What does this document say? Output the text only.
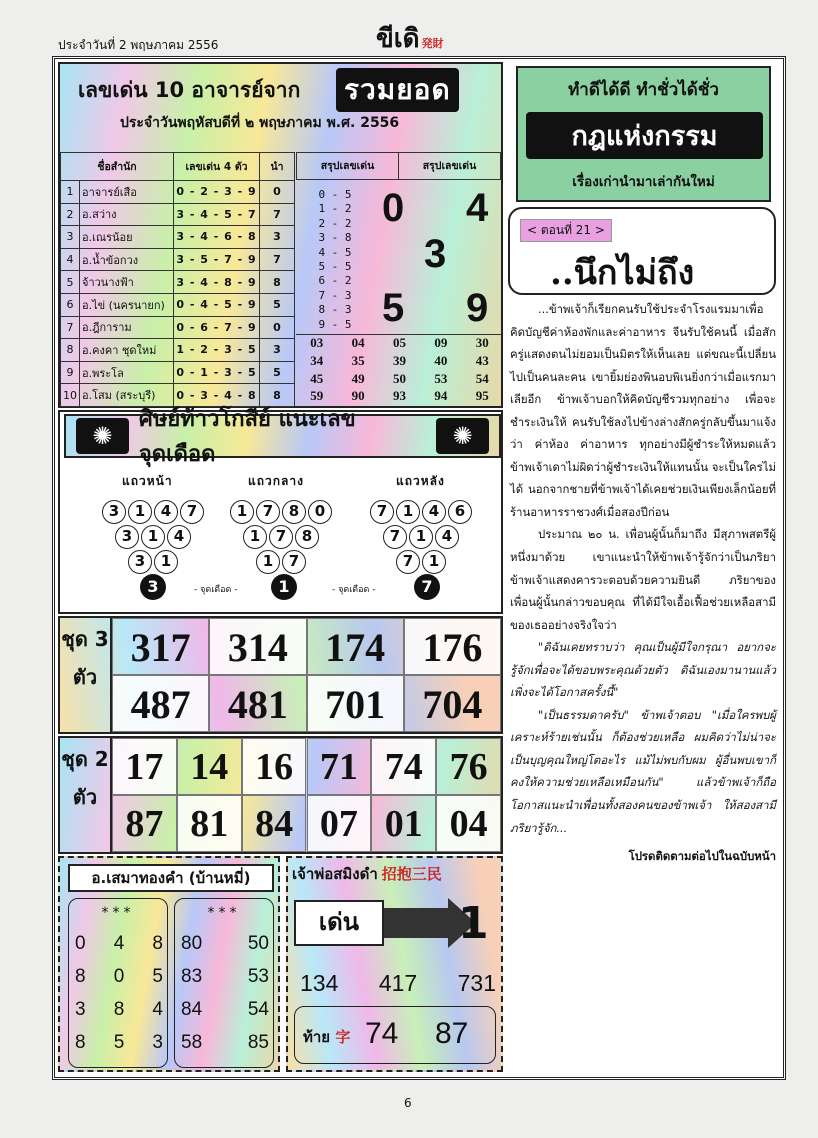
ประจำวันที่ 2 พฤษภาคม 2556	ขีเดิ 発財
เลขเด่น 10 อาจารย์จาก รวมยอด
ประจำวันพฤหัสบดีที่ ๒ พฤษภาคม พ.ศ. 2556
ชื่อสำนัก		เลขเด่น 4 ตัว	นำ
1	อาจารย์เสือ	0 - 2 - 3 - 9	0
2	อ.สว่าง	3 - 4 - 5 - 7	7
3	อ.เณรน้อย	3 - 4 - 6 - 8	3
4	อ.น้ำข้อกวง	3 - 5 - 7 - 9	7
5	จ้าวนางฟ้า	3 - 4 - 8 - 9	8
6	อ.ไข่ (นครนายก)	0 - 4 - 5 - 9	5
7	อ.ฎีการาม	0 - 6 - 7 - 9	0
8	อ.คงคา ชุดใหม่	1 - 2 - 3 - 5	3
9	อ.พระโล	0 - 1 - 3 - 5	5
10	อ.โสม (สระบุรี)	0 - 3 - 4 - 8	8
สรุปเลขเด่น	สรุปเลขเด่น
0 - 5
1 - 2
2 - 2
3 - 8
4 - 5
5 - 5
6 - 2
7 - 3
8 - 3
9 - 5
0 4
3
5 9
03	04	05	09	30
34	35	39	40	43
45	49	50	53	54
59	90	93	94	95
ทำดีได้ดี ทำชั่วได้ชั่ว
กฎแห่งกรรม
เรื่องเก่านำมาเล่ากันใหม่
< ตอนที่ 21 >
..นึกไม่ถึง

...ข้าพเจ้าก็เรียกคนรับใช้ประจำโรงแรมมาเพื่อคิดบัญชีค่าห้องพักและค่าอาหาร จีนรับใช้คนนี้ เมื่อสักครู่แสดงตนไม่ยอมเป็นมิตรให้เห็นเลย แต่ขณะนี้เปลี่ยนไปเป็นคนละคน เขายิ้มย่องพินอบพิเนยิ่งกว่าเมื่อแรกมาเลียอีก ข้าพเจ้าบอกให้คิดบัญชีรวมทุกอย่าง เพื่อจะชำระเงินให้ คนรับใช้ลงไปข้างล่างสักครู่กลับขึ้นมาแจ้งว่า ค่าห้อง ค่าอาหาร ทุกอย่างมีผู้ชำระให้หมดแล้ว ข้าพเจ้าเดาไม่ผิดว่าผู้ชำระเงินให้แทนนั้น จะเป็นใครไม่ได้ นอกจากชายที่ข้าพเจ้าได้เคยช่วยเงินเพียงเล็กน้อยที่ร้านอาหารราชวงศ์เมื่อสองปีก่อน

ประมาณ ๒๐ น. เพื่อนผู้นั้นก็มาถึง มีสุภาพสตรีผู้หนึ่งมาด้วย เขาแนะนำให้ข้าพเจ้ารู้จักว่าเป็นภริยา ข้าพเจ้าแสดงคารวะตอบด้วยความยินดี ภริยาของเพื่อนผู้นั้นกล่าวขอบคุณ ที่ได้มีใจเอื้อเฟื้อช่วยเหลือสามีของเธออย่างจริงใจว่า

"ดิฉันเคยทราบว่า คุณเป็นผู้มีใจกรุณา อยากจะรู้จักเพื่อจะได้ขอบพระคุณด้วยตัว ดิฉันเองมานานแล้ว เพิ่งจะได้โอกาสครั้งนี้"

"เป็นธรรมดาครับ" ข้าพเจ้าตอบ "เมื่อใครพบผู้เคราะห์ร้ายเช่นนั้น ก็ต้องช่วยเหลือ ผมคิดว่าไม่น่าจะเป็นบุญคุณใหญ่โตอะไร แม้ไม่พบกับผม ผู้อื่นพบเขาก็คงให้ความช่วยเหลือเหมือนกัน" แล้วข้าพเจ้าก็ถือโอกาสแนะนำเพื่อนทั้งสองคนของข้าพเจ้า ให้สองสามีภริยารู้จัก...

โปรดติดตามต่อไปในฉบับหน้า

✺
ศิษย์ท้าวโกสีย์ แนะเลขจุดเดือด
✺
แถวหน้า	แถวกลาง	แถวหลัง
3	1	4	7
3	1	4
3	1
1	7	8	0
1	7	8
1	7
7	1	4	6
7	1	4
7	1
3	1	7
- จุดเดือด -	- จุดเดือด -
ชุด 3 ตัว
317 314 174 176
487 481 701 704
ชุด 2 ตัว
17 14 16 71 74 76
87 81 84 07 01 04
อ.เสมาทองคำ (บ้านหมี่)
***
0 4 8
8 0 5
3 8 4
8 5 3
***
80 50
83 53
84 54
58 85
เจ้าพ่อสมิงดำ 招抱三民
เด่น	1
134 417 731
ท้าย 字 74 87
6
